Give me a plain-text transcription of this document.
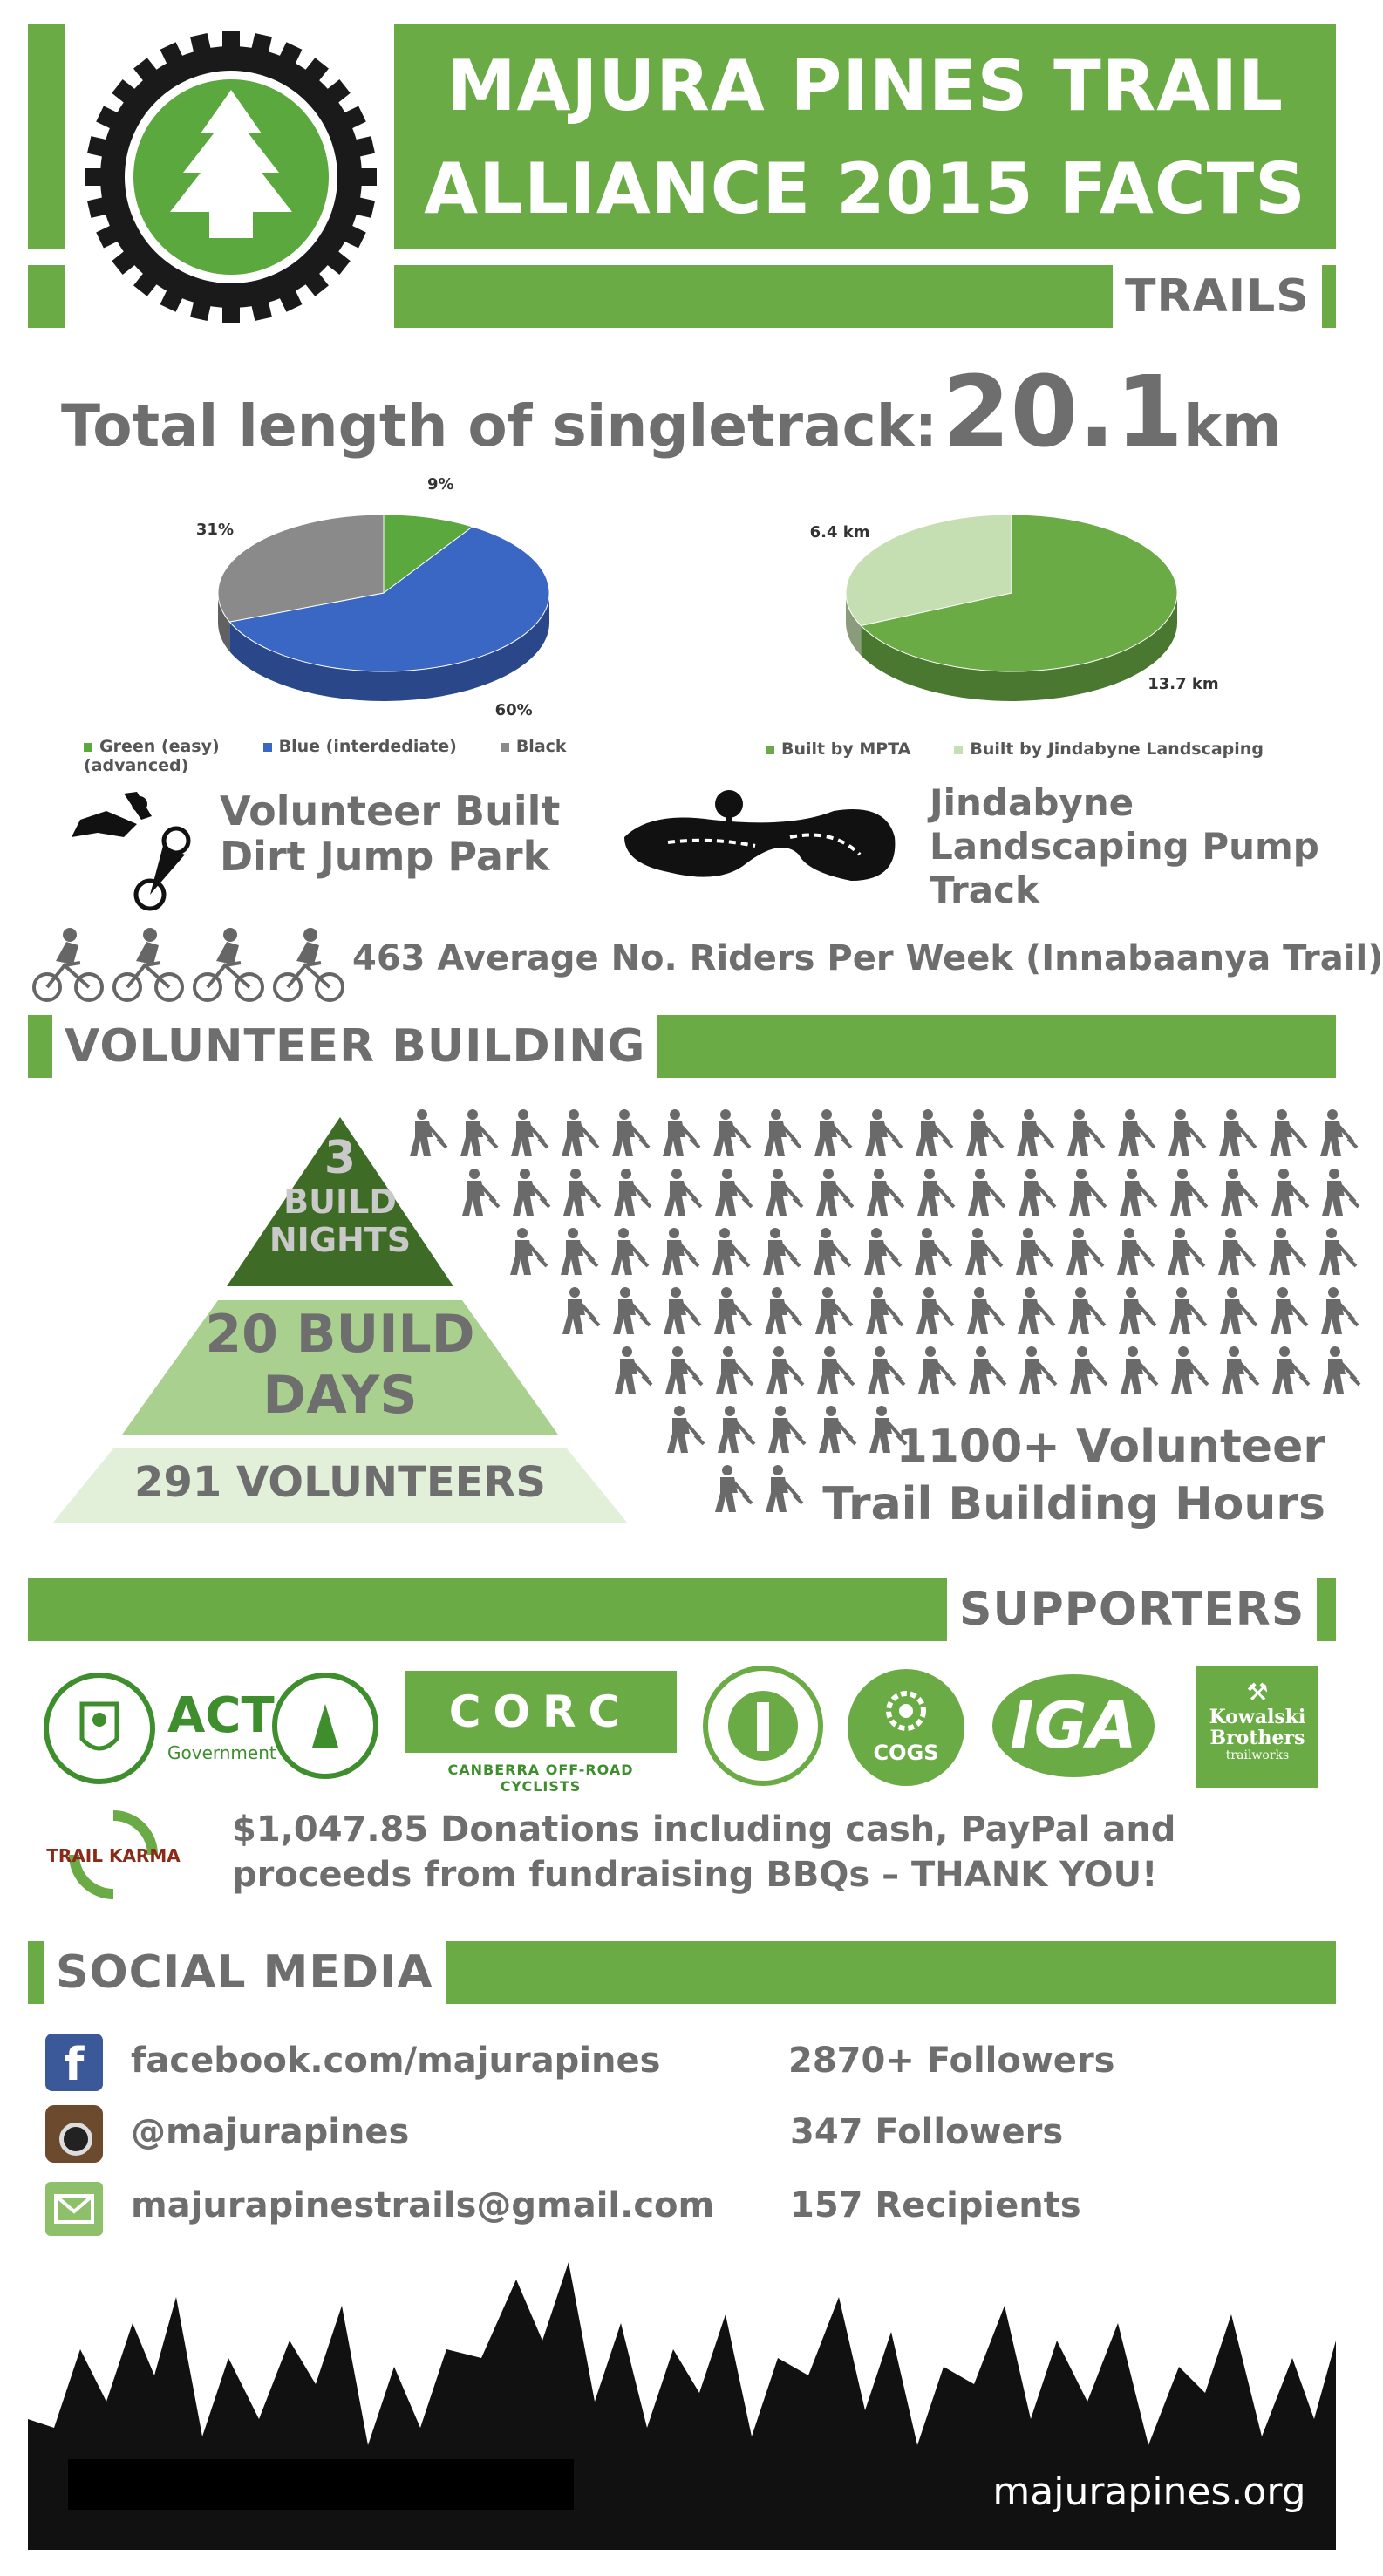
MAJURA PINES TRAIL
ALLIANCE 2015 FACTS
TRAILS
Total length of singletrack: 20.1km
9%
60%
31%
Green (easy)	Blue (interdediate)	Black (advanced)
13.7 km
6.4 km
Built by MPTA	Built by Jindabyne Landscaping
Volunteer Built
Dirt Jump Park
Jindabyne
Landscaping Pump
Track
463 Average No. Riders Per Week (Innabaanya Trail)
VOLUNTEER BUILDING
3
BUILD
NIGHTS
20 BUILD
DAYS
291 VOLUNTEERS
1100+ Volunteer
Trail Building Hours
SUPPORTERS
ACT
Government
CORC
CANBERRA OFF-ROAD CYCLISTS
COGS	IGA	⚒
Kowalski Brothers
trailworks
TRAIL KARMA
$1,047.85 Donations including cash, PayPal and
proceeds from fundraising BBQs – THANK YOU!
SOCIAL MEDIA
f	facebook.com/majurapines	2870+ Followers
@majurapines	347 Followers
majurapinestrails@gmail.com 157 Recipients
majurapines.org
